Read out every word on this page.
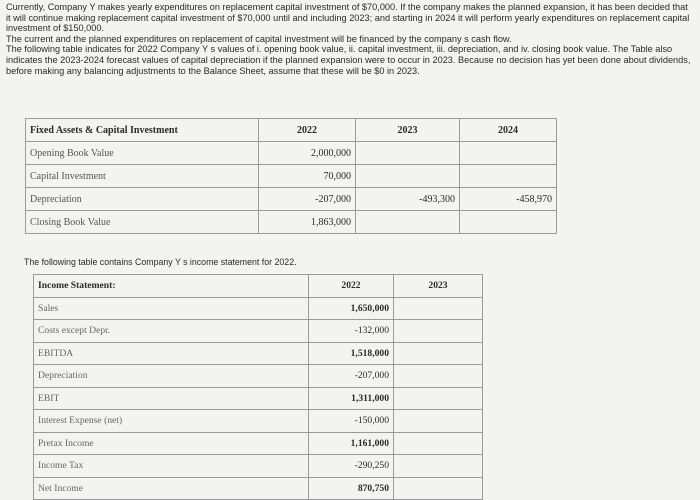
Currently, Company Y makes yearly expenditures on replacement capital investment of $70,000. If the company makes the planned expansion, it has been decided that it will continue making replacement capital investment of $70,000 until and including 2023; and starting in 2024 it will perform yearly expenditures on replacement capital investment of $150,000.

The current and the planned expenditures on replacement of capital investment will be financed by the company s cash flow.

The following table indicates for 2022 Company Y s values of i. opening book value, ii. capital investment, iii. depreciation, and iv. closing book value. The Table also indicates the 2023-2024 forecast values of capital depreciation if the planned expansion were to occur in 2023. Because no decision has yet been done about dividends, before making any balancing adjustments to the Balance Sheet, assume that these will be $0 in 2023.

Fixed Assets & Capital Investment	2022	2023	2024
Opening Book Value	2,000,000		
Capital Investment	70,000		
Depreciation	-207,000	-493,300	-458,970
Closing Book Value	1,863,000		
The following table contains Company Y s income statement for 2022.
Income Statement:	2022	2023
Sales	1,650,000	
Costs except Depr.	-132,000	
EBITDA	1,518,000	
Depreciation	-207,000	
EBIT	1,311,000	
Interest Expense (net)	-150,000	
Pretax Income	1,161,000	
Income Tax	-290,250	
Net Income	870,750	
